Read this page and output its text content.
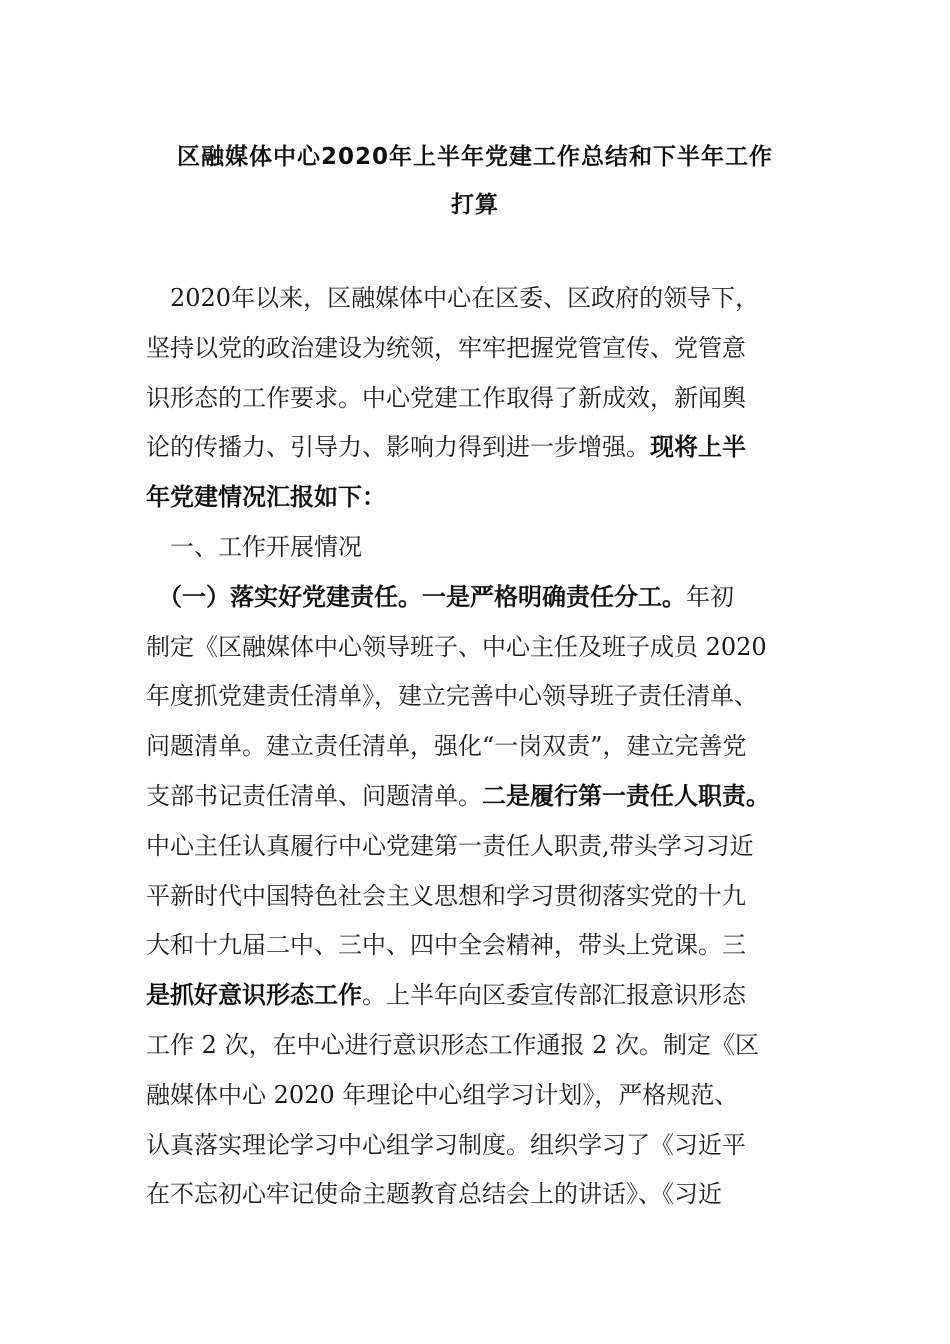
区融媒体中心2020年上半年党建工作总结和下半年工作
打算
　2020年以来，区融媒体中心在区委、区政府的领导下，
坚持以党的政治建设为统领，牢牢把握党管宣传、党管意
识形态的工作要求。中心党建工作取得了新成效，新闻舆
论的传播力、引导力、影响力得到进一步增强。现将上半
年党建情况汇报如下：
　一、工作开展情况
　（一）落实好党建责任。一是严格明确责任分工。年初
制定《区融媒体中心领导班子、中心主任及班子成员 2020
年度抓党建责任清单》，建立完善中心领导班子责任清单、
问题清单。建立责任清单，强化“一岗双责”，建立完善党
支部书记责任清单、问题清单。二是履行第一责任人职责。
中心主任认真履行中心党建第一责任人职责,带头学习习近
平新时代中国特色社会主义思想和学习贯彻落实党的十九
大和十九届二中、三中、四中全会精神，带头上党课。三
是抓好意识形态工作。上半年向区委宣传部汇报意识形态
工作 2 次，在中心进行意识形态工作通报 2 次。制定《区
融媒体中心 2020 年理论中心组学习计划》，严格规范、
认真落实理论学习中心组学习制度。组织学习了《习近平
在不忘初心牢记使命主题教育总结会上的讲话》、《习近
